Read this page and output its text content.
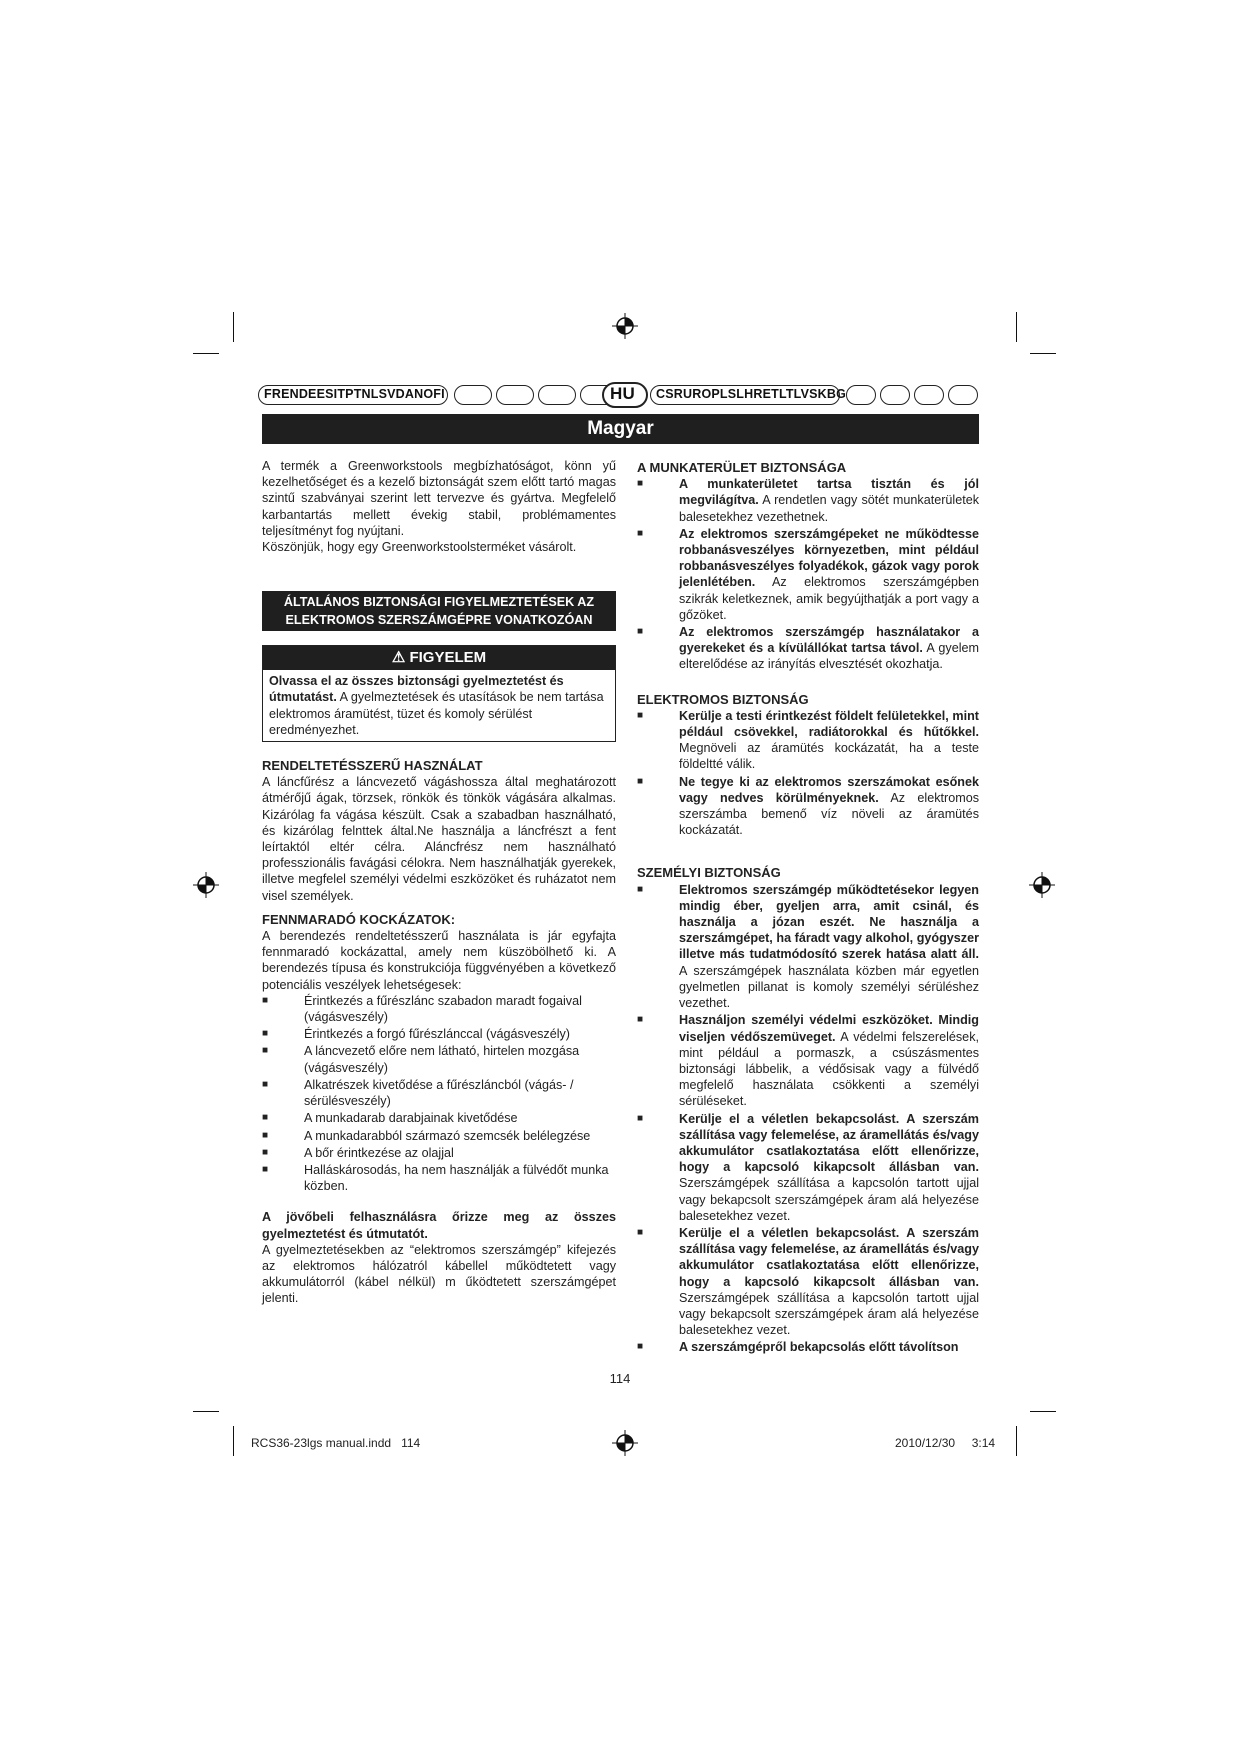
FRENDEESITPTNLSVDANOFI	HU CSRUROPLSLHRETLTLVSKBG
Magyar

A termék a Greenworkstools megbízhatóságot, könn yű kezelhetőséget és a kezelő biztonságát szem előtt tartó magas szintű szabványai szerint lett tervezve és gyártva. Megfelelő karbantartás mellett évekig stabil, problémamentes teljesítményt fog nyújtani.

Köszönjük, hogy egy Greenworkstoolsterméket vásárolt.

ÁLTALÁNOS BIZTONSÁGI FIGYELMEZTETÉSEK AZ ELEKTROMOS SZERSZÁMGÉPRE VONATKOZÓAN
⚠ FIGYELEM
Olvassa el az összes biztonsági gyelmeztetést és útmutatást. A gyelmeztetések és utasítások be nem tartása elektromos áramütést, tüzet és komoly sérülést eredményezhet.

RENDELTETÉSSZERŰ HASZNÁLAT

A láncfűrész a láncvezető vágáshossza által meghatározott átmérőjű ágak, törzsek, rönkök és tönkök vágására alkalmas. Kizárólag fa vágása készült. Csak a szabadban használható, és kizárólag felnttek által.Ne használja a láncfrészt a fent leírtaktól eltér célra. Aláncfrész nem használható professzionális favágási célokra. Nem használhatják gyerekek, illetve megfelel személyi védelmi eszközöket és ruházatot nem visel személyek.

FENNMARADÓ KOCKÁZATOK:

A berendezés rendeltetésszerű használata is jár egyfajta fennmaradó kockázattal, amely nem küszöbölhető ki. A berendezés típusa és konstrukciója függvényében a következő potenciális veszélyek lehetségesek:

■ Érintkezés a fűrészlánc szabadon maradt fogaival (vágásveszély)
■ Érintkezés a forgó fűrészlánccal (vágásveszély)
■ A láncvezető előre nem látható, hirtelen mozgása (vágásveszély)
■ Alkatrészek kivetődése a fűrészláncból (vágás- / sérülésveszély)
■ A munkadarab darabjainak kivetődése
■ A munkadarabból származó szemcsék belélegzése
■ A bőr érintkezése az olajjal
■ Halláskárosodás, ha nem használják a fülvédőt munka közben.

A jövőbeli felhasználásra őrizze meg az összes gyelmeztetést és útmutatót.

A gyelmeztetésekben az “elektromos szerszámgép” kifejezés az elektromos hálózatról kábellel működtetett vagy akkumulátorról (kábel nélkül) m űködtetett szerszámgépet jelenti.

A MUNKATERÜLET BIZTONSÁGA

■ A munkaterületet tartsa tisztán és jól megvilágítva. A rendetlen vagy sötét munkaterületek balesetekhez vezethetnek.
■ Az elektromos szerszámgépeket ne működtesse robbanásveszélyes környezetben, mint például robbanásveszélyes folyadékok, gázok vagy porok jelenlétében. Az elektromos szerszámgépben szikrák keletkeznek, amik begyújthatják a port vagy a gőzöket.
■ Az elektromos szerszámgép használatakor a gyerekeket és a kívülállókat tartsa távol. A gyelem elterelődése az irányítás elvesztését okozhatja.

ELEKTROMOS BIZTONSÁG

■ Kerülje a testi érintkezést földelt felületekkel, mint például csövekkel, radiátorokkal és hűtőkkel. Megnöveli az áramütés kockázatát, ha a teste földeltté válik.
■ Ne tegye ki az elektromos szerszámokat esőnek vagy nedves körülményeknek. Az elektromos szerszámba bemenő víz növeli az áramütés kockázatát.

SZEMÉLYI BIZTONSÁG

■ Elektromos szerszámgép működtetésekor legyen mindig éber, gyeljen arra, amit csinál, és használja a józan eszét. Ne használja a szerszámgépet, ha fáradt vagy alkohol, gyógyszer illetve más tudatmódosító szerek hatása alatt áll. A szerszámgépek használata közben már egyetlen gyelmetlen pillanat is komoly személyi sérüléshez vezethet.
■ Használjon személyi védelmi eszközöket. Mindig viseljen védőszemüveget. A védelmi felszerelések, mint például a pormaszk, a csúszásmentes biztonsági lábbelik, a védősisak vagy a fülvédő megfelelő használata csökkenti a személyi sérüléseket.
■ Kerülje el a véletlen bekapcsolást. A szerszám szállítása vagy felemelése, az áramellátás és/vagy akkumulátor csatlakoztatása előtt ellenőrizze, hogy a kapcsoló kikapcsolt állásban van. Szerszámgépek szállítása a kapcsolón tartott ujjal vagy bekapcsolt szerszámgépek áram alá helyezése balesetekhez vezet.
■ Kerülje el a véletlen bekapcsolást. A szerszám szállítása vagy felemelése, az áramellátás és/vagy akkumulátor csatlakoztatása előtt ellenőrizze, hogy a kapcsoló kikapcsolt állásban van. Szerszámgépek szállítása a kapcsolón tartott ujjal vagy bekapcsolt szerszámgépek áram alá helyezése balesetekhez vezet.
■ A szerszámgépről bekapcsolás előtt távolítson
114
RCS36-23lgs manual.indd   114	2010/12/30     3:14
